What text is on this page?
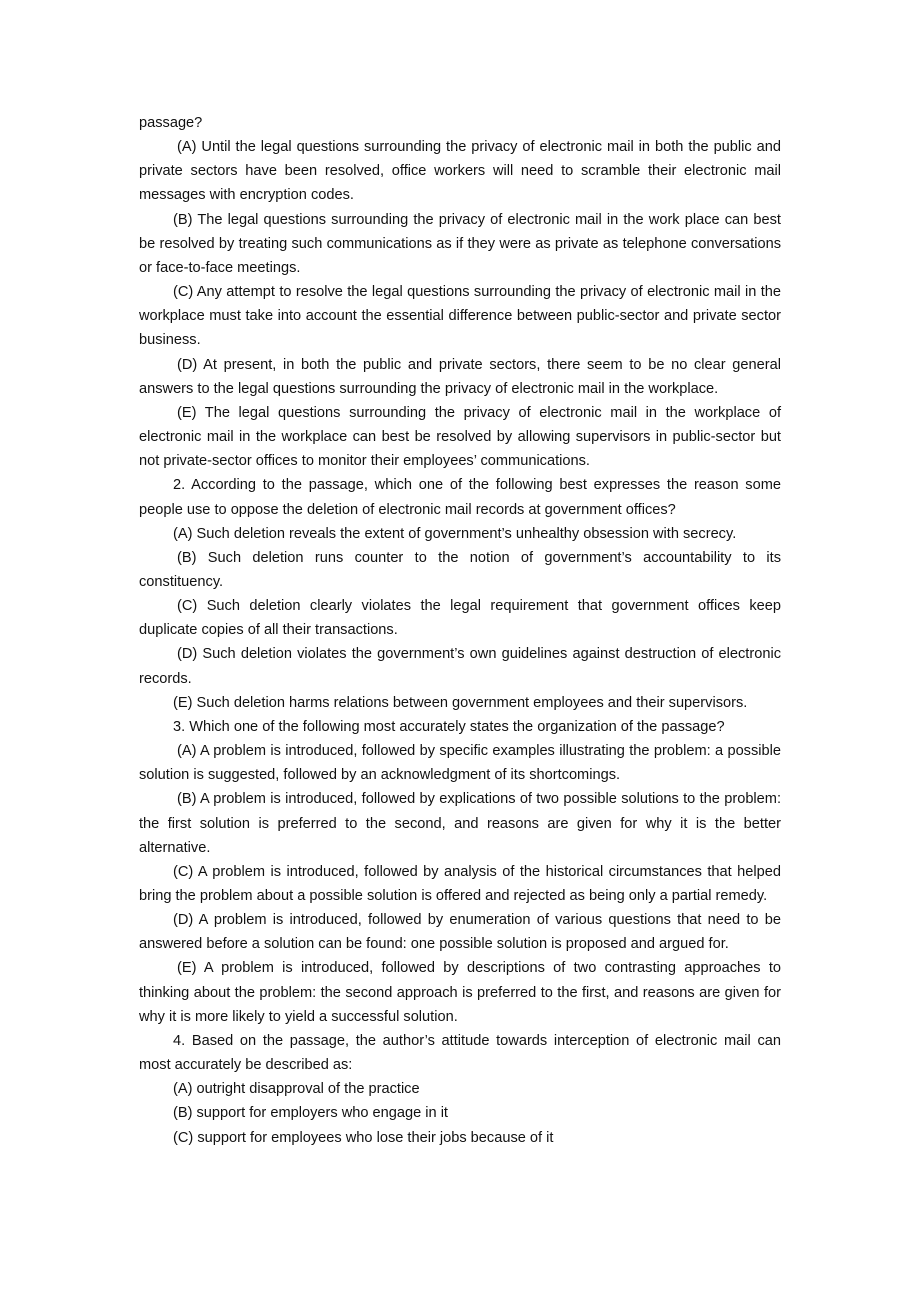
passage?

(A) Until the legal questions surrounding the privacy of electronic mail in both the public and private sectors have been resolved, office workers will need to scramble their electronic mail messages with encryption codes.

(B) The legal questions surrounding the privacy of electronic mail in the work place can best be resolved by treating such communications as if they were as private as telephone conversations or face-to-face meetings.

(C) Any attempt to resolve the legal questions surrounding the privacy of electronic mail in the workplace must take into account the essential difference between public-sector and private sector business.

(D) At present, in both the public and private sectors, there seem to be no clear general answers to the legal questions surrounding the privacy of electronic mail in the workplace.

(E) The legal questions surrounding the privacy of electronic mail in the workplace of electronic mail in the workplace can best be resolved by allowing supervisors in public-sector but not private-sector offices to monitor their employees’ communications.

2. According to the passage, which one of the following best expresses the reason some people use to oppose the deletion of electronic mail records at government offices?

(A) Such deletion reveals the extent of government’s unhealthy obsession with secrecy.

(B) Such deletion runs counter to the notion of government’s accountability to its constituency.

(C) Such deletion clearly violates the legal requirement that government offices keep duplicate copies of all their transactions.

(D) Such deletion violates the government’s own guidelines against destruction of electronic records.

(E) Such deletion harms relations between government employees and their supervisors.

3. Which one of the following most accurately states the organization of the passage?

(A) A problem is introduced, followed by specific examples illustrating the problem: a possible solution is suggested, followed by an acknowledgment of its shortcomings.

(B) A problem is introduced, followed by explications of two possible solutions to the problem: the first solution is preferred to the second, and reasons are given for why it is the better alternative.

(C) A problem is introduced, followed by analysis of the historical circumstances that helped bring the problem about a possible solution is offered and rejected as being only a partial remedy.

(D) A problem is introduced, followed by enumeration of various questions that need to be answered before a solution can be found: one possible solution is proposed and argued for.

(E) A problem is introduced, followed by descriptions of two contrasting approaches to thinking about the problem: the second approach is preferred to the first, and reasons are given for why it is more likely to yield a successful solution.

4. Based on the passage, the author’s attitude towards interception of electronic mail can most accurately be described as:

(A) outright disapproval of the practice

(B) support for employers who engage in it

(C) support for employees who lose their jobs because of it
